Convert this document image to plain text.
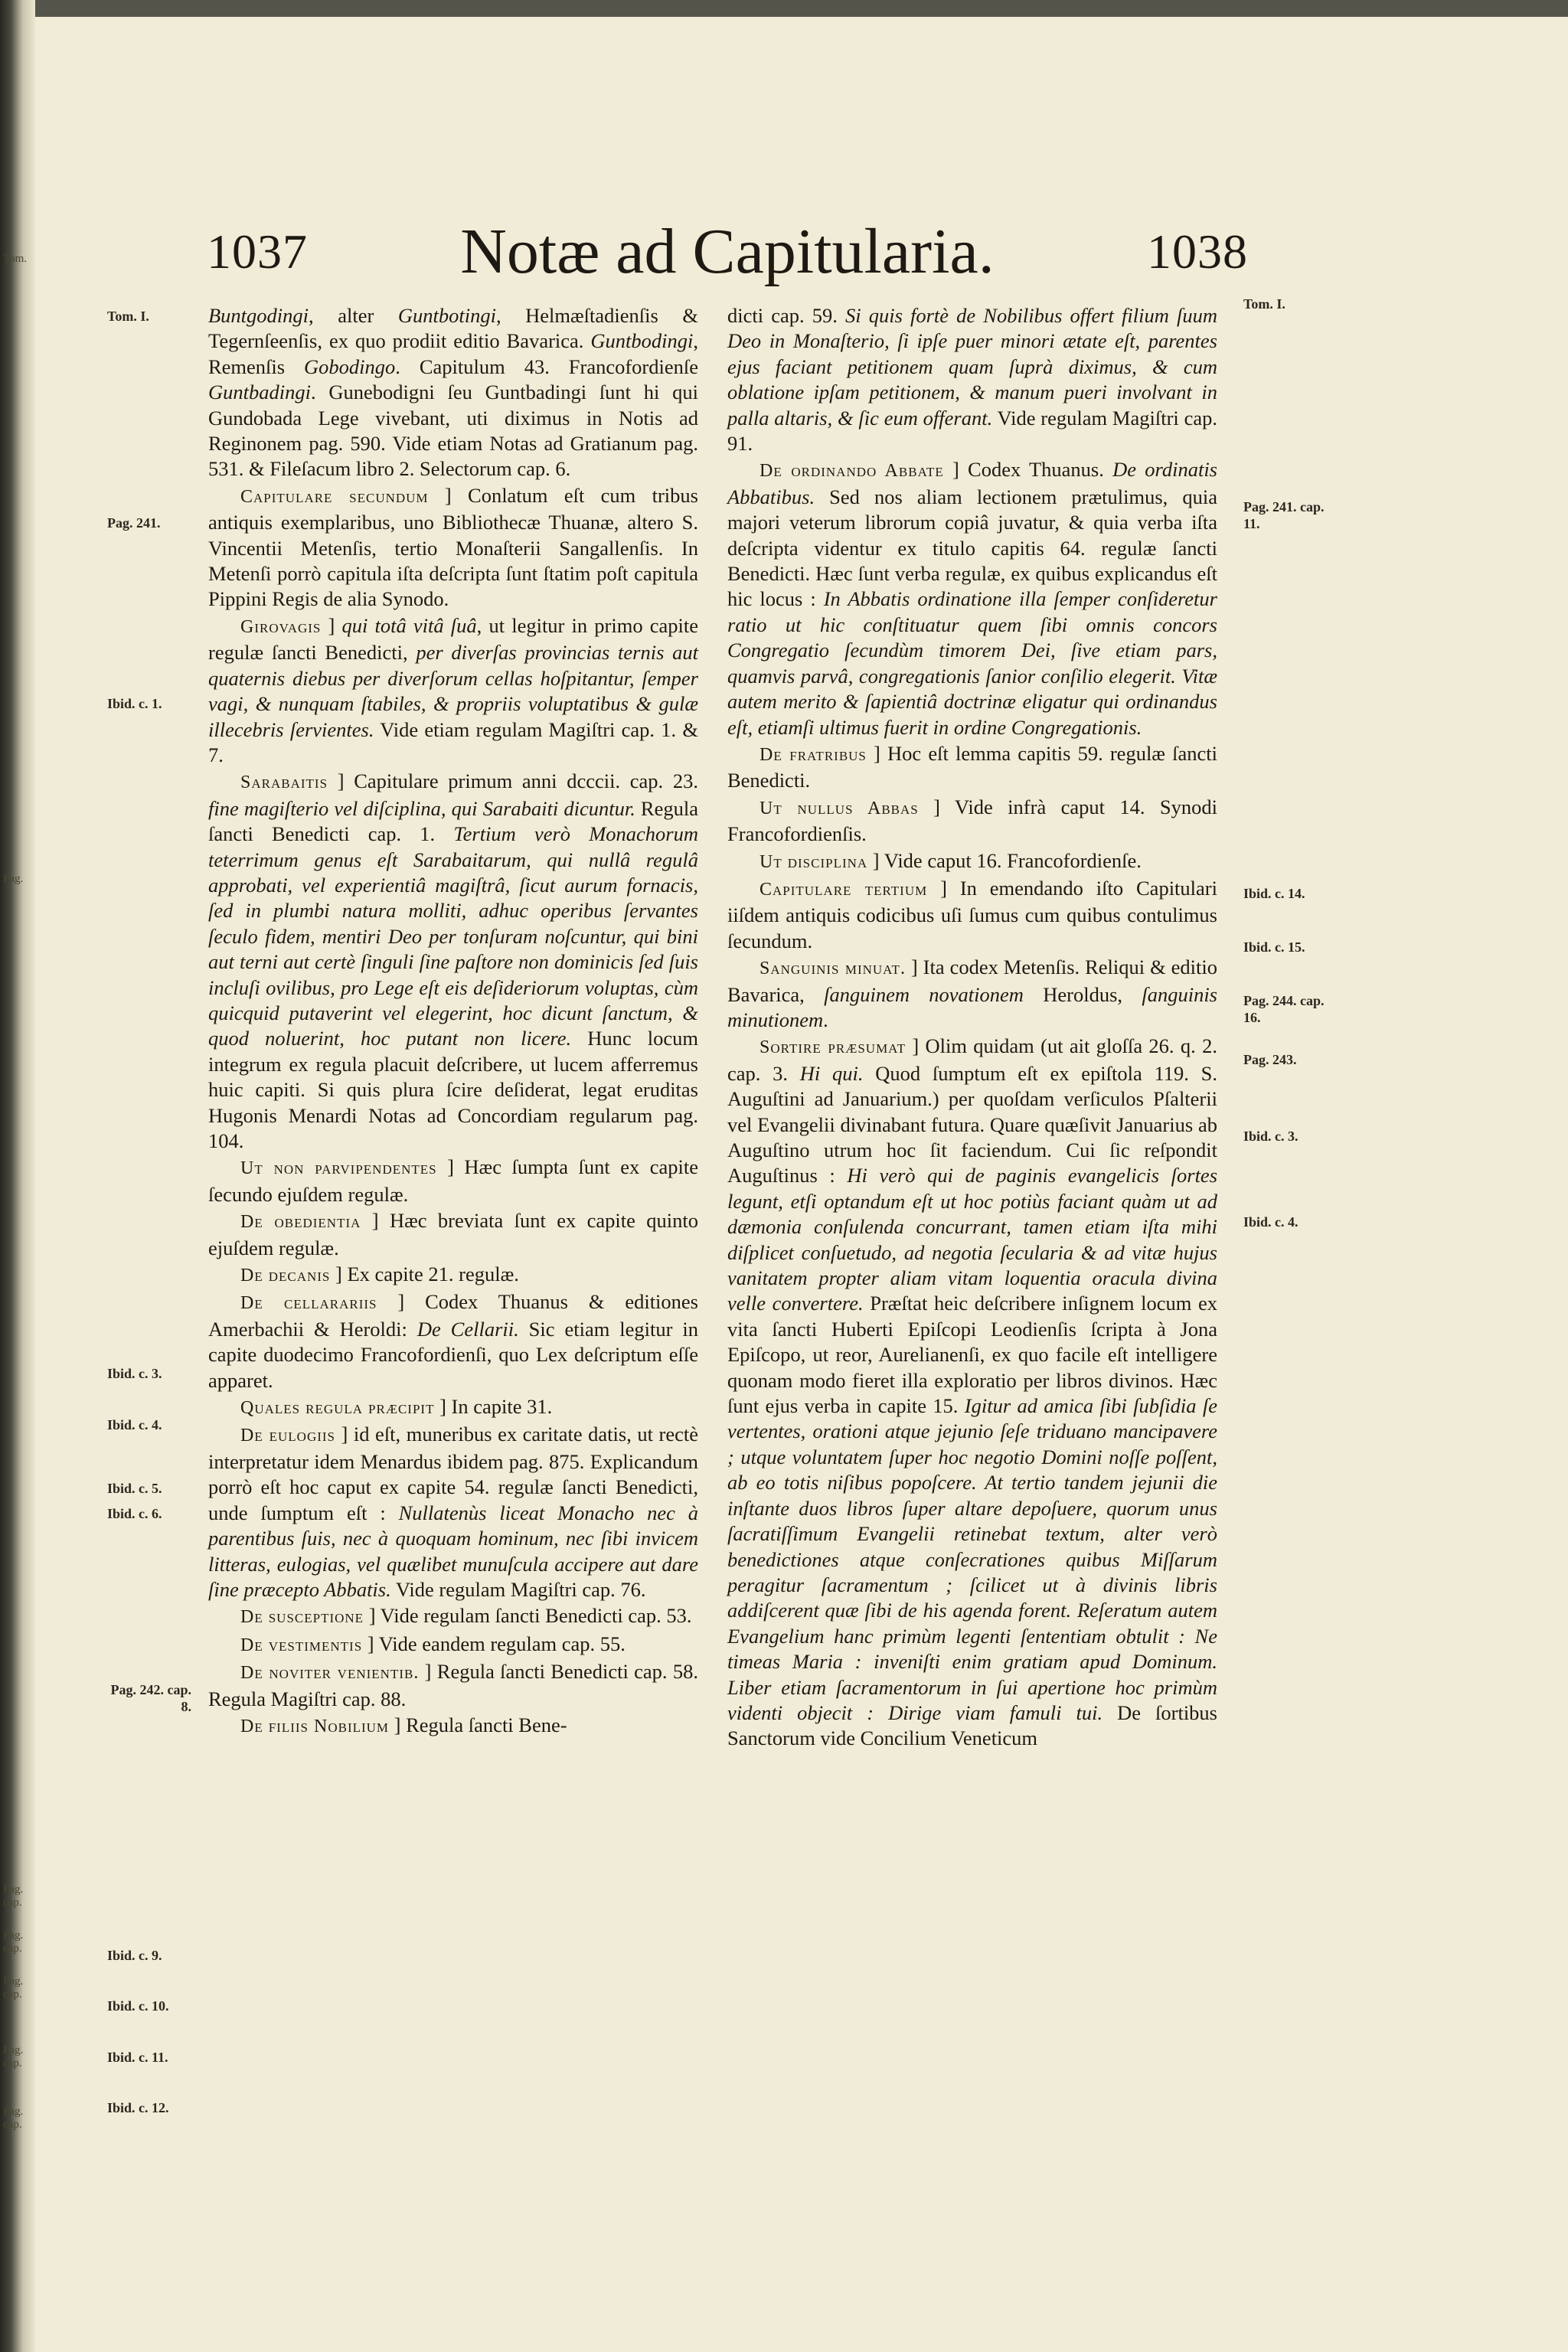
Tom.
Pag.
Pag. cap.
Pag. cap.
Pag. cap.
Pag. cap.
Pag. cap.
1037	Notæ ad Capitularia.	1038
Tom. I.
Pag. 241.
Ibid. c. 1.
Ibid. c. 3.
Ibid. c. 4.
Ibid. c. 5.
Ibid. c. 6.
Pag. 242. cap. 8.
Ibid. c. 9.
Ibid. c. 10.
Ibid. c. 11.
Ibid. c. 12.
Tom. I.
Pag. 241. cap. 11.
Ibid. c. 14.
Ibid. c. 15.
Pag. 244. cap. 16.
Pag. 243.
Ibid. c. 3.
Ibid. c. 4.

Buntgodingi, alter Guntbotingi, Helmæſtadienſis & Tegernſeenſis, ex quo prodiit editio Bavarica. Guntbodingi, Remenſis Gobodingo. Capitulum 43. Francofordienſe Guntbadingi. Gunebodigni ſeu Guntbadingi ſunt hi qui Gundobada Lege vivebant, uti diximus in Notis ad Reginonem pag. 590. Vide etiam Notas ad Gratianum pag. 531. & Fileſacum libro 2. Selectorum cap. 6.

Capitulare secundum ] Conlatum eſt cum tribus antiquis exemplaribus, uno Bibliothecæ Thuanæ, altero S. Vincentii Metenſis, tertio Monaſterii Sangallenſis. In Metenſi porrò capitula iſta deſcripta ſunt ſtatim poſt capitula Pippini Regis de alia Synodo.

Girovagis ] qui totâ vitâ ſuâ, ut legitur in primo capite regulæ ſancti Benedicti, per diverſas provincias ternis aut quaternis diebus per diverſorum cellas hoſpitantur, ſemper vagi, & nunquam ſtabiles, & propriis voluptatibus & gulæ illecebris ſervientes. Vide etiam regulam Magiſtri cap. 1. & 7.

Sarabaitis ] Capitulare primum anni dcccii. cap. 23. fine magiſterio vel diſciplina, qui Sarabaiti dicuntur. Regula ſancti Benedicti cap. 1. Tertium verò Monachorum teterrimum genus eſt Sarabaitarum, qui nullâ regulâ approbati, vel experientiâ magiſtrâ, ſicut aurum fornacis, ſed in plumbi natura molliti, adhuc operibus ſervantes ſeculo fidem, mentiri Deo per tonſuram noſcuntur, qui bini aut terni aut certè ſinguli ſine paſtore non dominicis ſed ſuis incluſi ovilibus, pro Lege eſt eis deſideriorum voluptas, cùm quicquid putaverint vel elegerint, hoc dicunt ſanctum, & quod noluerint, hoc putant non licere. Hunc locum integrum ex regula placuit deſcribere, ut lucem afferremus huic capiti. Si quis plura ſcire deſiderat, legat eruditas Hugonis Menardi Notas ad Concordiam regularum pag. 104.

Ut non parvipendentes ] Hæc ſumpta ſunt ex capite ſecundo ejuſdem regulæ.

De obedientia ] Hæc breviata ſunt ex capite quinto ejuſdem regulæ.

De decanis ] Ex capite 21. regulæ.

De cellarariis ] Codex Thuanus & editiones Amerbachii & Heroldi: De Cellarii. Sic etiam legitur in capite duodecimo Francofordienſi, quo Lex deſcriptum eſſe apparet.

Quales regula præcipit ] In capite 31.

De eulogiis ] id eſt, muneribus ex caritate datis, ut rectè interpretatur idem Menardus ibidem pag. 875. Explicandum porrò eſt hoc caput ex capite 54. regulæ ſancti Benedicti, unde ſumptum eſt : Nullatenùs liceat Monacho nec à parentibus ſuis, nec à quoquam hominum, nec ſibi invicem litteras, eulogias, vel quælibet munuſcula accipere aut dare ſine præcepto Abbatis. Vide regulam Magiſtri cap. 76.

De susceptione ] Vide regulam ſancti Benedicti cap. 53.

De vestimentis ] Vide eandem regulam cap. 55.

De noviter venientib. ] Regula ſancti Benedicti cap. 58. Regula Magiſtri cap. 88.

De filiis Nobilium ] Regula ſancti Bene-

dicti cap. 59. Si quis fortè de Nobilibus offert filium ſuum Deo in Monaſterio, ſi ipſe puer minori ætate eſt, parentes ejus faciant petitionem quam ſuprà diximus, & cum oblatione ipſam petitionem, & manum pueri involvant in palla altaris, & ſic eum offerant. Vide regulam Magiſtri cap. 91.

De ordinando Abbate ] Codex Thuanus. De ordinatis Abbatibus. Sed nos aliam lectionem prætulimus, quia majori veterum librorum copiâ juvatur, & quia verba iſta deſcripta videntur ex titulo capitis 64. regulæ ſancti Benedicti. Hæc ſunt verba regulæ, ex quibus explicandus eſt hic locus : In Abbatis ordinatione illa ſemper conſideretur ratio ut hic conſtituatur quem ſibi omnis concors Congregatio ſecundùm timorem Dei, ſive etiam pars, quamvis parvâ, congregationis ſanior conſilio elegerit. Vitæ autem merito & ſapientiâ doctrinæ eligatur qui ordinandus eſt, etiamſi ultimus fuerit in ordine Congregationis.

De fratribus ] Hoc eſt lemma capitis 59. regulæ ſancti Benedicti.

Ut nullus Abbas ] Vide infrà caput 14. Synodi Francofordienſis.

Ut disciplina ] Vide caput 16. Francofordienſe.

Capitulare tertium ] In emendando iſto Capitulari iiſdem antiquis codicibus uſi ſumus cum quibus contulimus ſecundum.

Sanguinis minuat. ] Ita codex Metenſis. Reliqui & editio Bavarica, ſanguinem novationem Heroldus, ſanguinis minutionem.

Sortire præsumat ] Olim quidam (ut ait gloſſa 26. q. 2. cap. 3. Hi qui. Quod ſumptum eſt ex epiſtola 119. S. Auguſtini ad Januarium.) per quoſdam verſiculos Pſalterii vel Evangelii divinabant futura. Quare quæſivit Januarius ab Auguſtino utrum hoc ſit faciendum. Cui ſic reſpondit Auguſtinus : Hi verò qui de paginis evangelicis ſortes legunt, etſi optandum eſt ut hoc potiùs faciant quàm ut ad dæmonia conſulenda concurrant, tamen etiam iſta mihi diſplicet conſuetudo, ad negotia ſecularia & ad vitæ hujus vanitatem propter aliam vitam loquentia oracula divina velle convertere. Præſtat heic deſcribere inſignem locum ex vita ſancti Huberti Epiſcopi Leodienſis ſcripta à Jona Epiſcopo, ut reor, Aurelianenſi, ex quo facile eſt intelligere quonam modo fieret illa exploratio per libros divinos. Hæc ſunt ejus verba in capite 15. Igitur ad amica ſibi ſubſidia ſe vertentes, orationi atque jejunio ſeſe triduano mancipavere ; utque voluntatem ſuper hoc negotio Domini noſſe poſſent, ab eo totis niſibus popoſcere. At tertio tandem jejunii die inſtante duos libros ſuper altare depoſuere, quorum unus ſacratiſſimum Evangelii retinebat textum, alter verò benedictiones atque conſecrationes quibus Miſſarum peragitur ſacramentum ; ſcilicet ut à divinis libris addiſcerent quæ ſibi de his agenda forent. Reſeratum autem Evangelium hanc primùm legenti ſententiam obtulit : Ne timeas Maria : inveniſti enim gratiam apud Dominum. Liber etiam ſacramentorum in ſui apertione hoc primùm videnti objecit : Dirige viam famuli tui. De ſortibus Sanctorum vide Concilium Veneticum
